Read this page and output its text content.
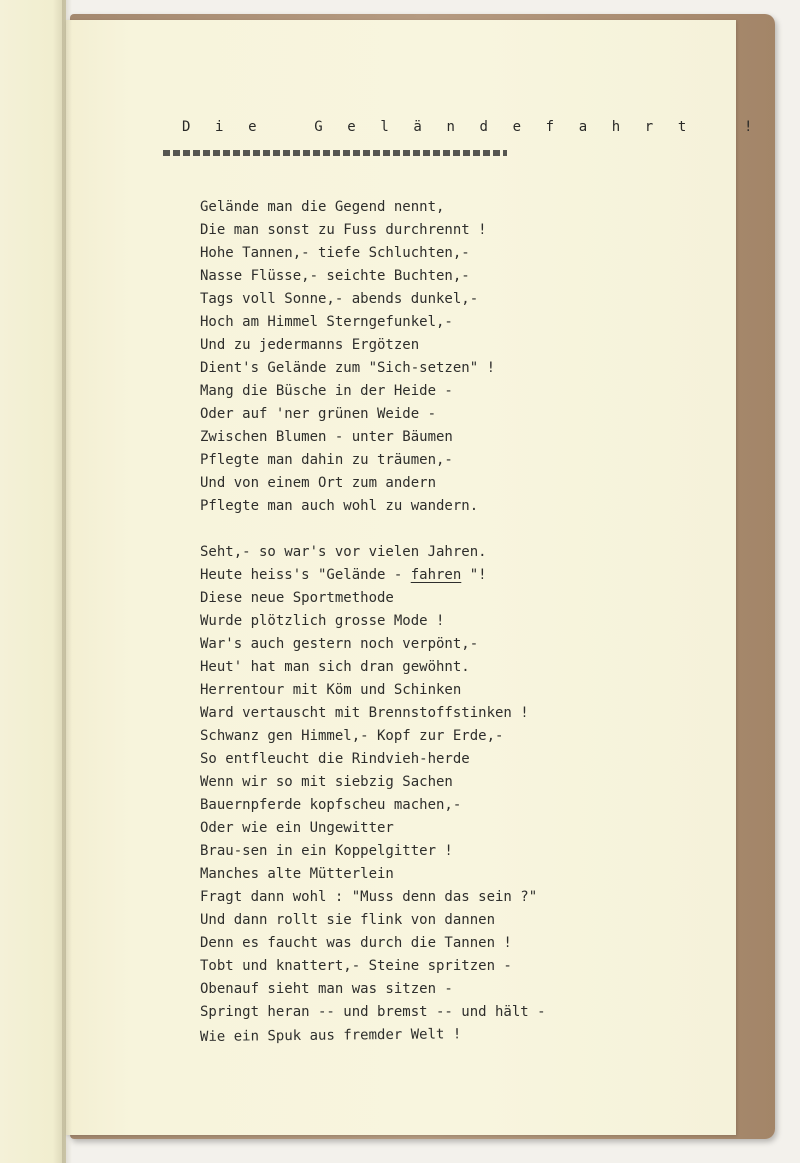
D i e   G e l ä n d e f a h r t   !
Gelände man die Gegend nennt,
Die man sonst zu Fuss durchrennt !
Hohe Tannen,- tiefe Schluchten,-
Nasse Flüsse,- seichte Buchten,-
Tags voll Sonne,- abends dunkel,-
Hoch am Himmel Sterngefunkel,-
Und zu jedermanns Ergötzen
Dient's Gelände zum "Sich-setzen" !
Mang die Büsche in der Heide -
Oder auf 'ner grünen Weide -
Zwischen Blumen - unter Bäumen
Pflegte man dahin zu träumen,-
Und von einem Ort zum andern
Pflegte man auch wohl zu wandern.
Seht,- so war's vor vielen Jahren.
Heute heiss's "Gelände - fahren "!
Diese neue Sportmethode
Wurde plötzlich grosse Mode !
War's auch gestern noch verpönt,-
Heut' hat man sich dran gewöhnt.
Herrentour mit Köm und Schinken
Ward vertauscht mit Brennstoffstinken !
Schwanz gen Himmel,- Kopf zur Erde,-
So entfleucht die Rindvieh-herde
Wenn wir so mit siebzig Sachen
Bauernpferde kopfscheu machen,-
Oder wie ein Ungewitter
Brau-sen in ein Koppelgitter !
Manches alte Mütterlein
Fragt dann wohl : "Muss denn das sein ?"
Und dann rollt sie flink von dannen
Denn es faucht was durch die Tannen !
Tobt und knattert,- Steine spritzen -
Obenauf sieht man was sitzen -
Springt heran -- und bremst -- und hält -
Wie ein Spuk aus fremder Welt !
